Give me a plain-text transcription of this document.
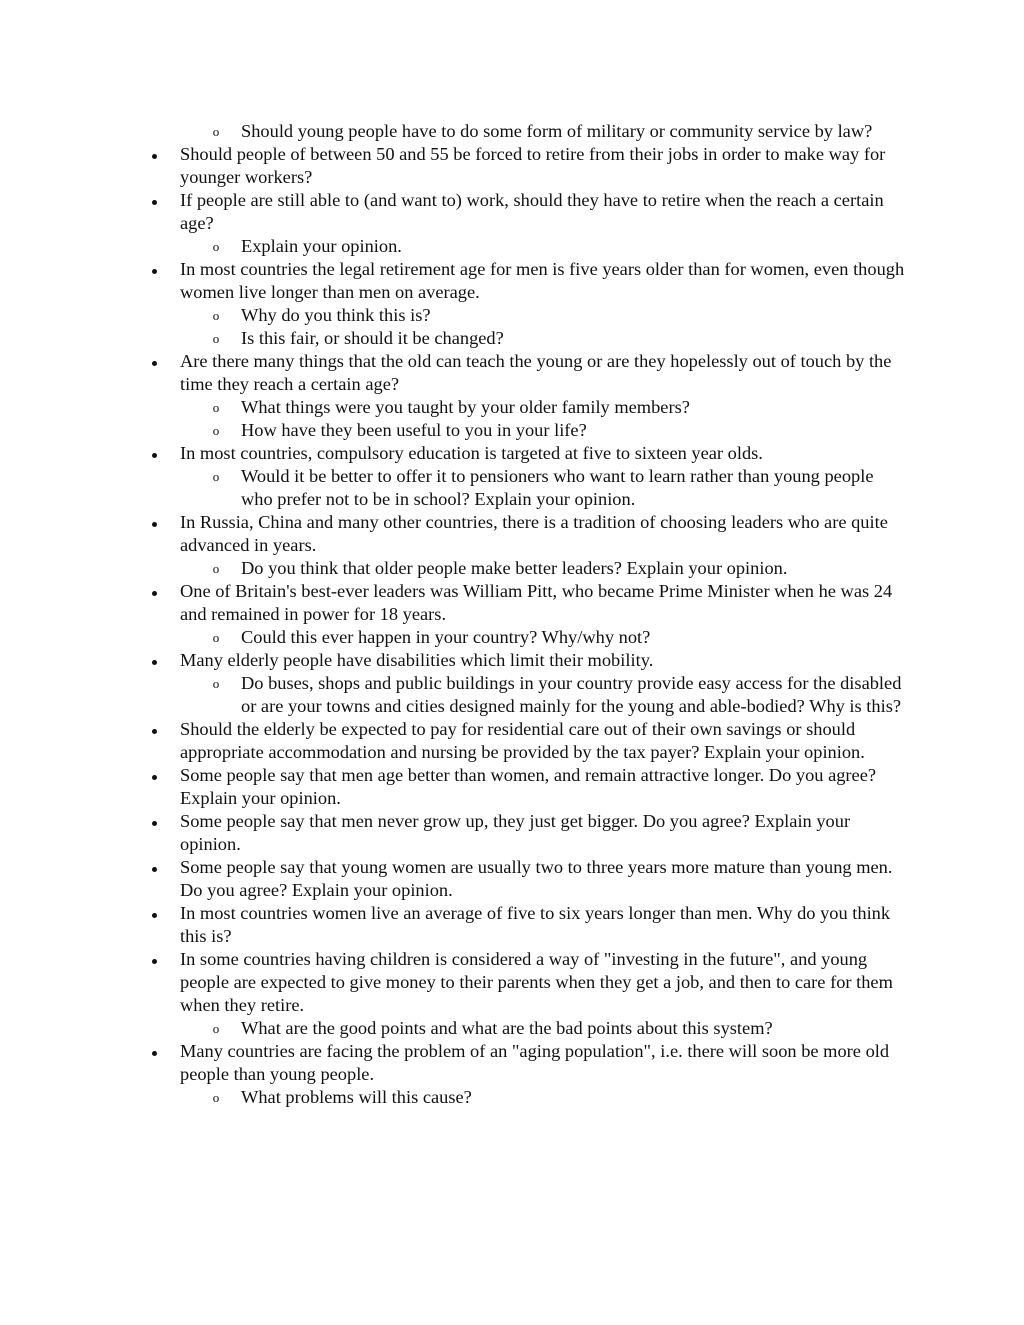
o
Should young people have to do some form of military or community service by law?
Should people of between 50 and 55 be forced to retire from their jobs in order to make way for younger workers?
If people are still able to (and want to) work, should they have to retire when the reach a certain age?
o
Explain your opinion.
In most countries the legal retirement age for men is five years older than for women, even though women live longer than men on average.
o
Why do you think this is?
o
Is this fair, or should it be changed?
Are there many things that the old can teach the young or are they hopelessly out of touch by the time they reach a certain age?
o
What things were you taught by your older family members?
o
How have they been useful to you in your life?
In most countries, compulsory education is targeted at five to sixteen year olds.
o
Would it be better to offer it to pensioners who want to learn rather than young people who prefer not to be in school? Explain your opinion.
In Russia, China and many other countries, there is a tradition of choosing leaders who are quite advanced in years.
o
Do you think that older people make better leaders? Explain your opinion.
One of Britain's best-ever leaders was William Pitt, who became Prime Minister when he was 24 and remained in power for 18 years.
o
Could this ever happen in your country? Why/why not?
Many elderly people have disabilities which limit their mobility.
o
Do buses, shops and public buildings in your country provide easy access for the disabled or are your towns and cities designed mainly for the young and able-bodied? Why is this?
Should the elderly be expected to pay for residential care out of their own savings or should appropriate accommodation and nursing be provided by the tax payer? Explain your opinion.
Some people say that men age better than women, and remain attractive longer. Do you agree? Explain your opinion.
Some people say that men never grow up, they just get bigger. Do you agree? Explain your opinion.
Some people say that young women are usually two to three years more mature than young men. Do you agree? Explain your opinion.
In most countries women live an average of five to six years longer than men. Why do you think this is?
In some countries having children is considered a way of "investing in the future", and young people are expected to give money to their parents when they get a job, and then to care for them when they retire.
o
What are the good points and what are the bad points about this system?
Many countries are facing the problem of an "aging population", i.e. there will soon be more old people than young people.
o
What problems will this cause?
